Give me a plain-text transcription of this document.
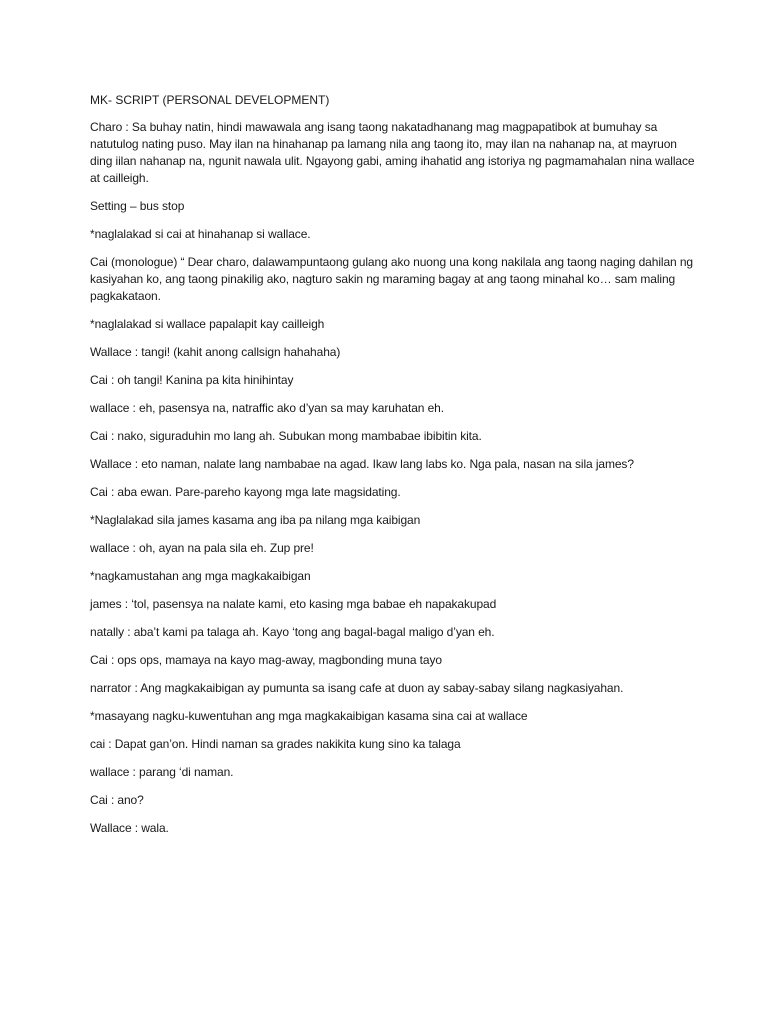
MK- SCRIPT (PERSONAL DEVELOPMENT)

Charo : Sa buhay natin, hindi mawawala ang isang taong nakatadhanang mag magpapatibok at bumuhay sa natutulog nating puso. May ilan na hinahanap pa lamang nila ang taong ito, may ilan na nahanap na, at mayruon ding iilan nahanap na, ngunit nawala ulit. Ngayong gabi, aming ihahatid ang istoriya ng pagmamahalan nina wallace at cailleigh.

Setting – bus stop

*naglalakad si cai at hinahanap si wallace.

Cai (monologue) “ Dear charo, dalawampuntaong gulang ako nuong una kong nakilala ang taong naging dahilan ng kasiyahan ko, ang taong pinakilig ako, nagturo sakin ng maraming bagay at ang taong minahal ko… sam maling pagkakataon.

*naglalakad si wallace papalapit kay cailleigh

Wallace : tangi! (kahit anong callsign hahahaha)

Cai : oh tangi! Kanina pa kita hinihintay

wallace : eh, pasensya na, natraffic ako d’yan sa may karuhatan eh.

Cai : nako, siguraduhin mo lang ah. Subukan mong mambabae ibibitin kita.

Wallace : eto naman, nalate lang nambabae na agad. Ikaw lang labs ko. Nga pala, nasan na sila james?

Cai : aba ewan. Pare-pareho kayong mga late magsidating.

*Naglalakad sila james kasama ang iba pa nilang mga kaibigan

wallace : oh, ayan na pala sila eh. Zup pre!

*nagkamustahan ang mga magkakaibigan

james : ‘tol, pasensya na nalate kami, eto kasing mga babae eh napakakupad

natally : aba’t kami pa talaga ah. Kayo ‘tong ang bagal-bagal maligo d’yan eh.

Cai : ops ops, mamaya na kayo mag-away, magbonding muna tayo

narrator : Ang magkakaibigan ay pumunta sa isang cafe at duon ay sabay-sabay silang nagkasiyahan.

*masayang nagku-kuwentuhan ang mga magkakaibigan kasama sina cai at wallace

cai : Dapat gan’on. Hindi naman sa grades nakikita kung sino ka talaga

wallace : parang ‘di naman.

Cai : ano?

Wallace : wala.
